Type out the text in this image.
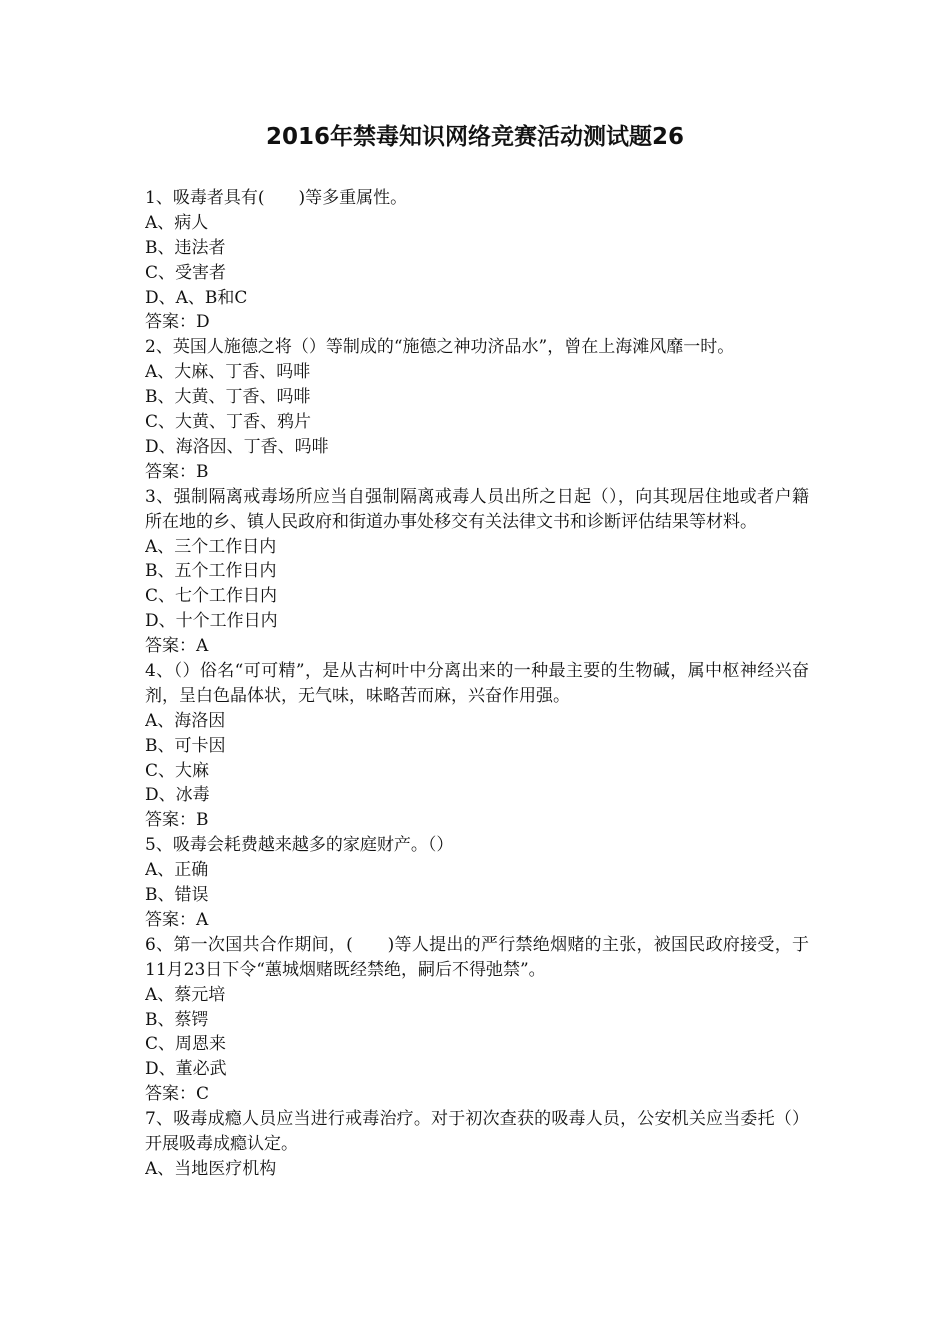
2016年禁毒知识网络竞赛活动测试题26
1、吸毒者具有(　　)等多重属性。
A、病人
B、违法者
C、受害者
D、A、B和C
答案：D
2、英国人施德之将（）等制成的“施德之神功济品水”，曾在上海滩风靡一时。
A、大麻、丁香、吗啡
B、大黄、丁香、吗啡
C、大黄、丁香、鸦片
D、海洛因、丁香、吗啡
答案：B
3、强制隔离戒毒场所应当自强制隔离戒毒人员出所之日起（），向其现居住地或者户籍所在地的乡、镇人民政府和街道办事处移交有关法律文书和诊断评估结果等材料。
A、三个工作日内
B、五个工作日内
C、七个工作日内
D、十个工作日内
答案：A
4、（）俗名“可可精”，是从古柯叶中分离出来的一种最主要的生物碱，属中枢神经兴奋剂，呈白色晶体状，无气味，味略苦而麻，兴奋作用强。
A、海洛因
B、可卡因
C、大麻
D、冰毒
答案：B
5、吸毒会耗费越来越多的家庭财产。（）
A、正确
B、错误
答案：A
6、第一次国共合作期间，(　　)等人提出的严行禁绝烟赌的主张，被国民政府接受，于11月23日下令“蕙城烟赌既经禁绝，嗣后不得弛禁”。
A、蔡元培
B、蔡锷
C、周恩来
D、董必武
答案：C
7、吸毒成瘾人员应当进行戒毒治疗。对于初次查获的吸毒人员，公安机关应当委托（）开展吸毒成瘾认定。
A、当地医疗机构
